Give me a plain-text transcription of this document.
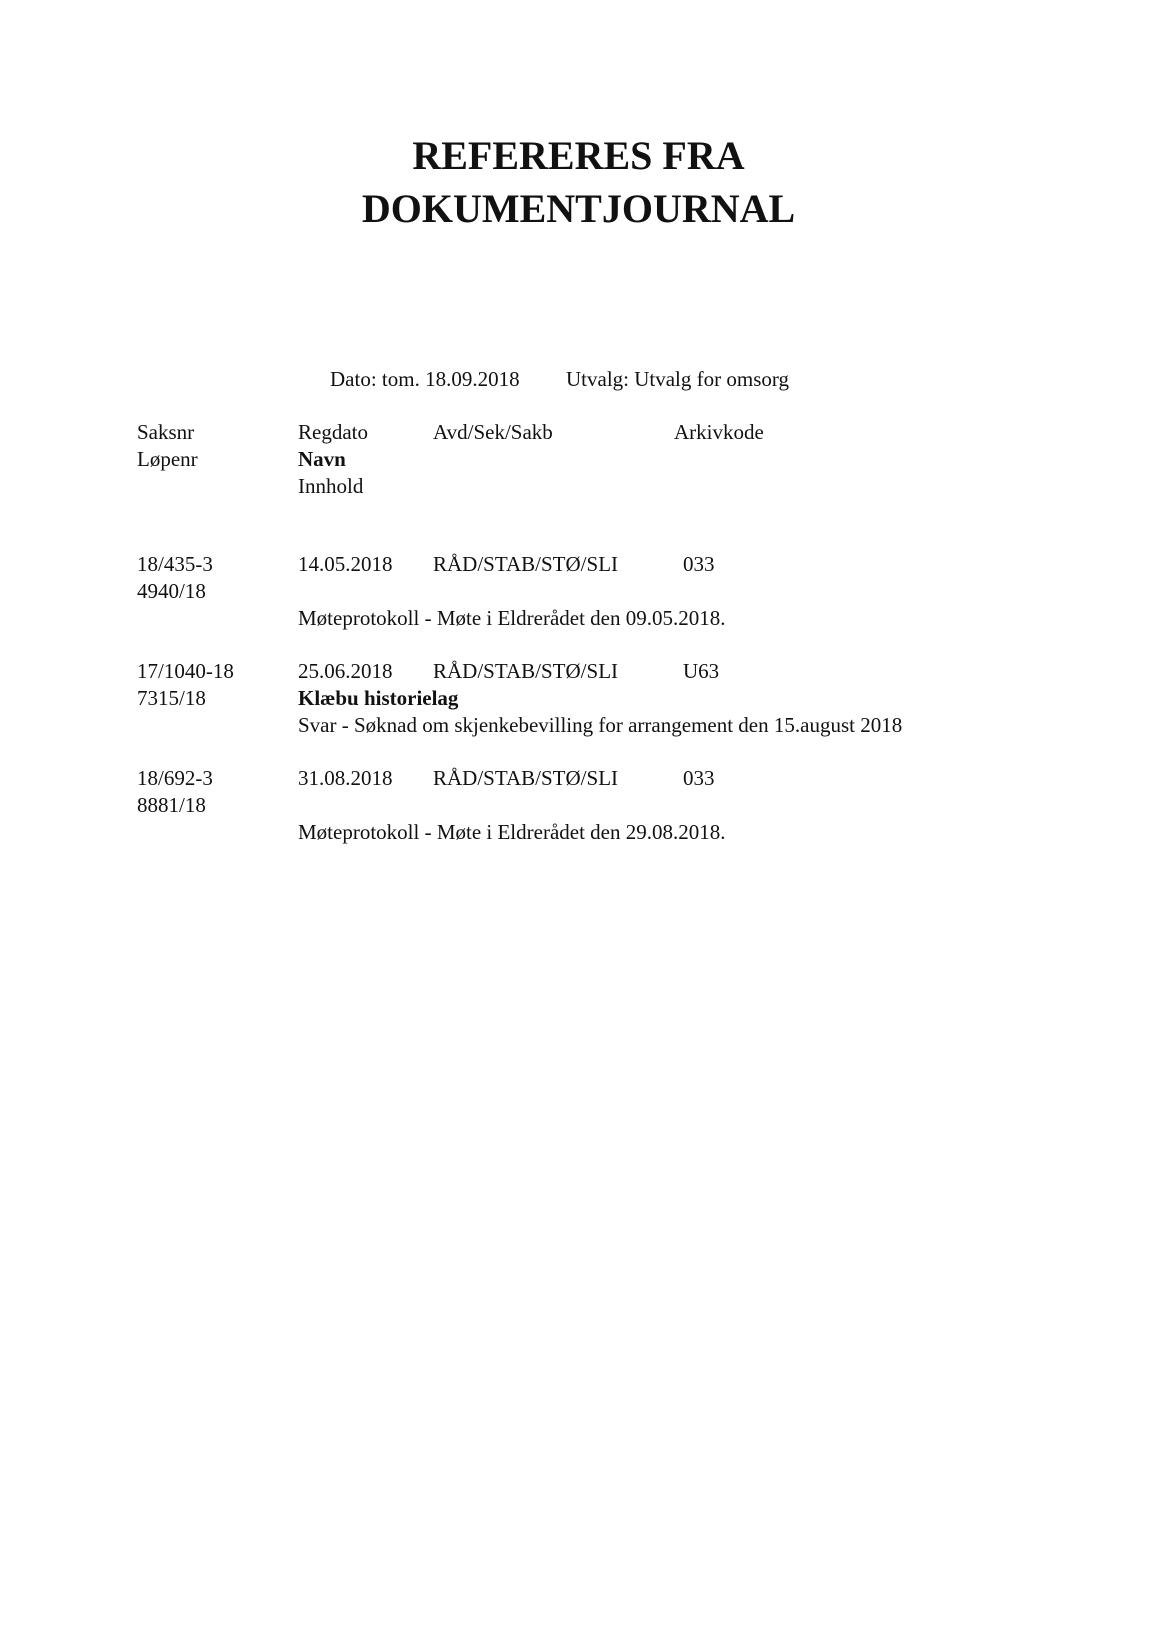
REFERERES FRA
DOKUMENTJOURNAL

Dato: tom. 18.09.2018 Utvalg: Utvalg for omsorg

Saksnr	Regdato	Avd/Sek/Sakb	Arkivkode

Løpenr	Navn

Innhold

18/435-3	14.05.2018 RÅD/STAB/STØ/SLI	033

4940/18

Møteprotokoll - Møte i Eldrerådet den 09.05.2018.

17/1040-18	25.06.2018 RÅD/STAB/STØ/SLI	U63

7315/18	Klæbu historielag

Svar - Søknad om skjenkebevilling for arrangement den 15.august 2018

18/692-3	31.08.2018 RÅD/STAB/STØ/SLI	033

8881/18

Møteprotokoll - Møte i Eldrerådet den 29.08.2018.
